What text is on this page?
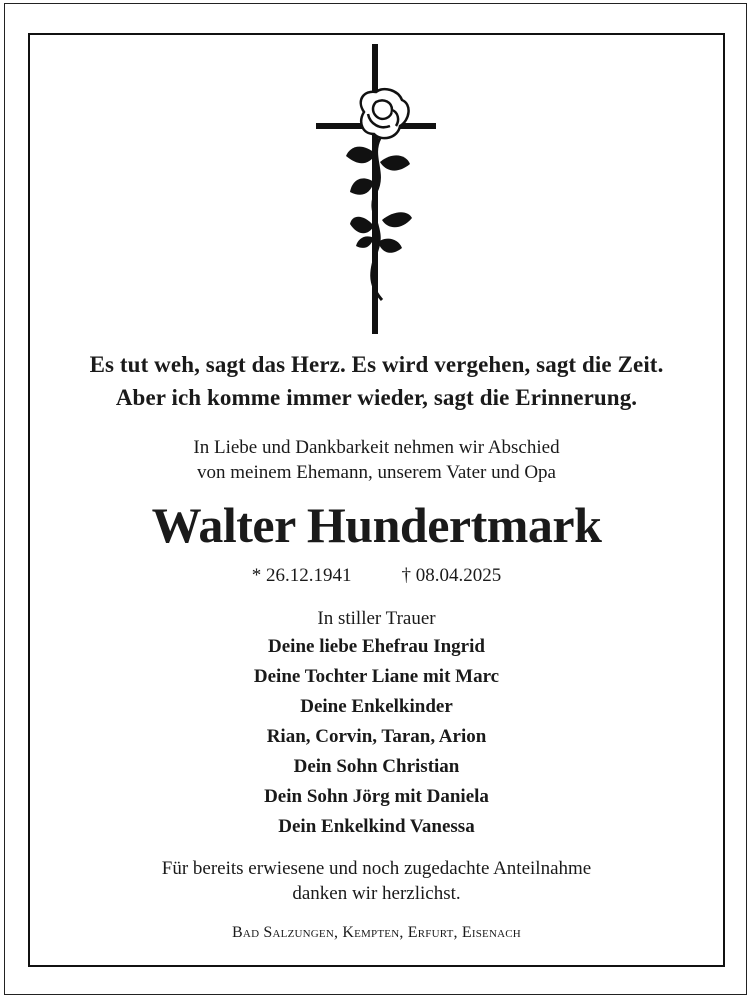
Es tut weh, sagt das Herz. Es wird vergehen, sagt die Zeit.
Aber ich komme immer wieder, sagt die Erinnerung.
In Liebe und Dankbarkeit nehmen wir Abschied
von meinem Ehemann, unserem Vater und Opa
Walter Hundertmark
* 26.12.1941	† 08.04.2025
In stiller Trauer
Deine liebe Ehefrau Ingrid
Deine Tochter Liane mit Marc
Deine Enkelkinder
Rian, Corvin, Taran, Arion
Dein Sohn Christian
Dein Sohn Jörg mit Daniela
Dein Enkelkind Vanessa
Für bereits erwiesene und noch zugedachte Anteilnahme
danken wir herzlichst.
Bad Salzungen, Kempten, Erfurt, Eisenach
